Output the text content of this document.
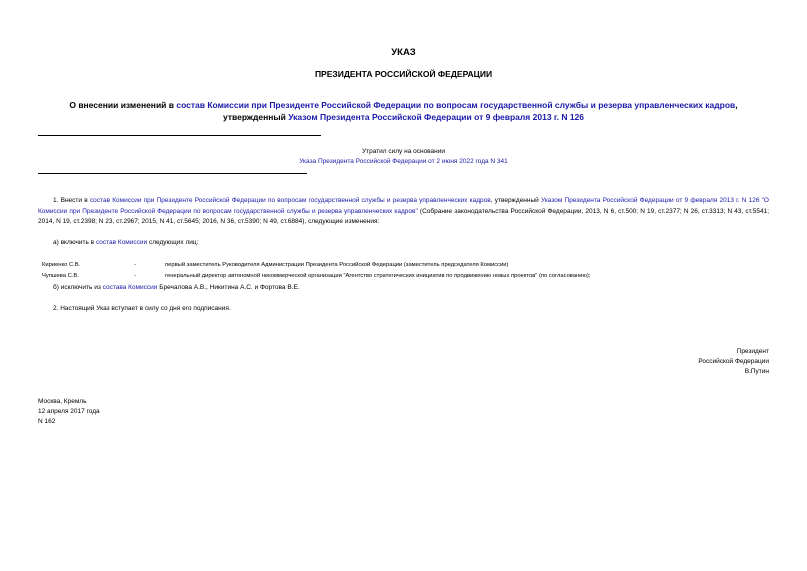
УКАЗ
ПРЕЗИДЕНТА РОССИЙСКОЙ ФЕДЕРАЦИИ
О внесении изменений в состав Комиссии при Президенте Российской Федерации по вопросам государственной службы и резерва управленческих кадров, утвержденный Указом Президента Российской Федерации от 9 февраля 2013 г. N 126
Утратил силу на основании
Указа Президента Российской Федерации от 2 июня 2022 года N 341
1. Внести в состав Комиссии при Президенте Российской Федерации по вопросам государственной службы и резерва управленческих кадров, утвержденный Указом Президента Российской Федерации от 9 февраля 2013 г. N 126 "О Комиссии при Президенте Российской Федерации по вопросам государственной службы и резерва управленческих кадров" (Собрание законодательства Российской Федерации, 2013, N 6, ст.500; N 19, ст.2377; N 26, ст.3313; N 43, ст.5541; 2014, N 19, ст.2398; N 23, ст.2967; 2015, N 41, ст.5645; 2016, N 36, ст.5390; N 49, ст.6884), следующие изменения:
а) включить в состав Комиссии следующих лиц:
Кириенко С.В.	-	первый заместитель Руководителя Администрации Президента Российской Федерации (заместитель председателя Комиссии)
Чупшева С.В.	-	генеральный директор автономной некоммерческой организации "Агентство стратегических инициатив по продвижению новых проектов" (по согласованию);
б) исключить из состава Комиссии Бречалова А.В., Никитина А.С. и Фортова В.Е.
2. Настоящий Указ вступает в силу со дня его подписания.
Президент
Российской Федерации
В.Путин
Москва, Кремль
12 апреля 2017 года
N 162
